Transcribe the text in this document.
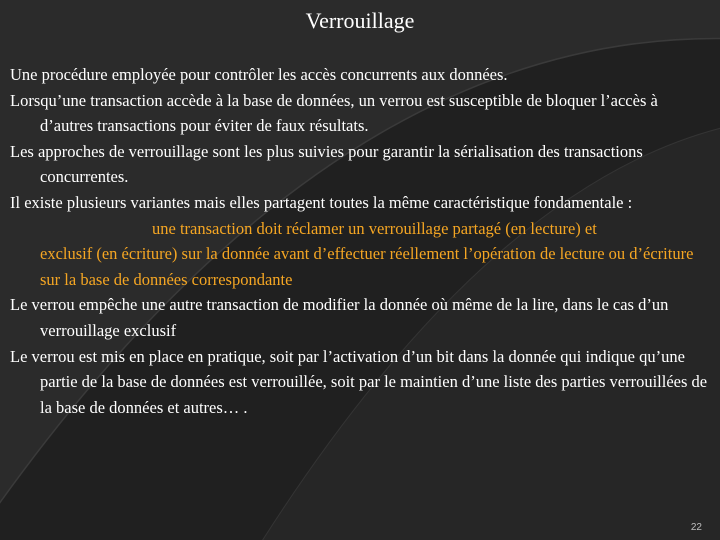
Verrouillage
Une procédure employée pour contrôler les accès concurrents aux données.
Lorsqu’une transaction accède à la base de données, un verrou est susceptible de bloquer l’accès à d’autres transactions pour éviter de faux résultats.
Les approches de verrouillage sont les plus suivies pour garantir la sérialisation des transactions concurrentes.
Il existe plusieurs variantes mais elles partagent toutes la même caractéristique fondamentale :
une transaction doit réclamer un verrouillage partagé (en lecture) et
exclusif (en écriture) sur la donnée avant d’effectuer réellement l’opération de lecture ou d’écriture sur la base de données correspondante
Le verrou empêche une autre transaction de modifier la donnée où même de la lire, dans le cas d’un verrouillage exclusif
Le verrou est mis en place en pratique, soit par l’activation d’un bit dans la donnée qui indique qu’une partie de la base de données est verrouillée, soit par le maintien d’une liste des parties verrouillées de la base de données et autres… .
22
